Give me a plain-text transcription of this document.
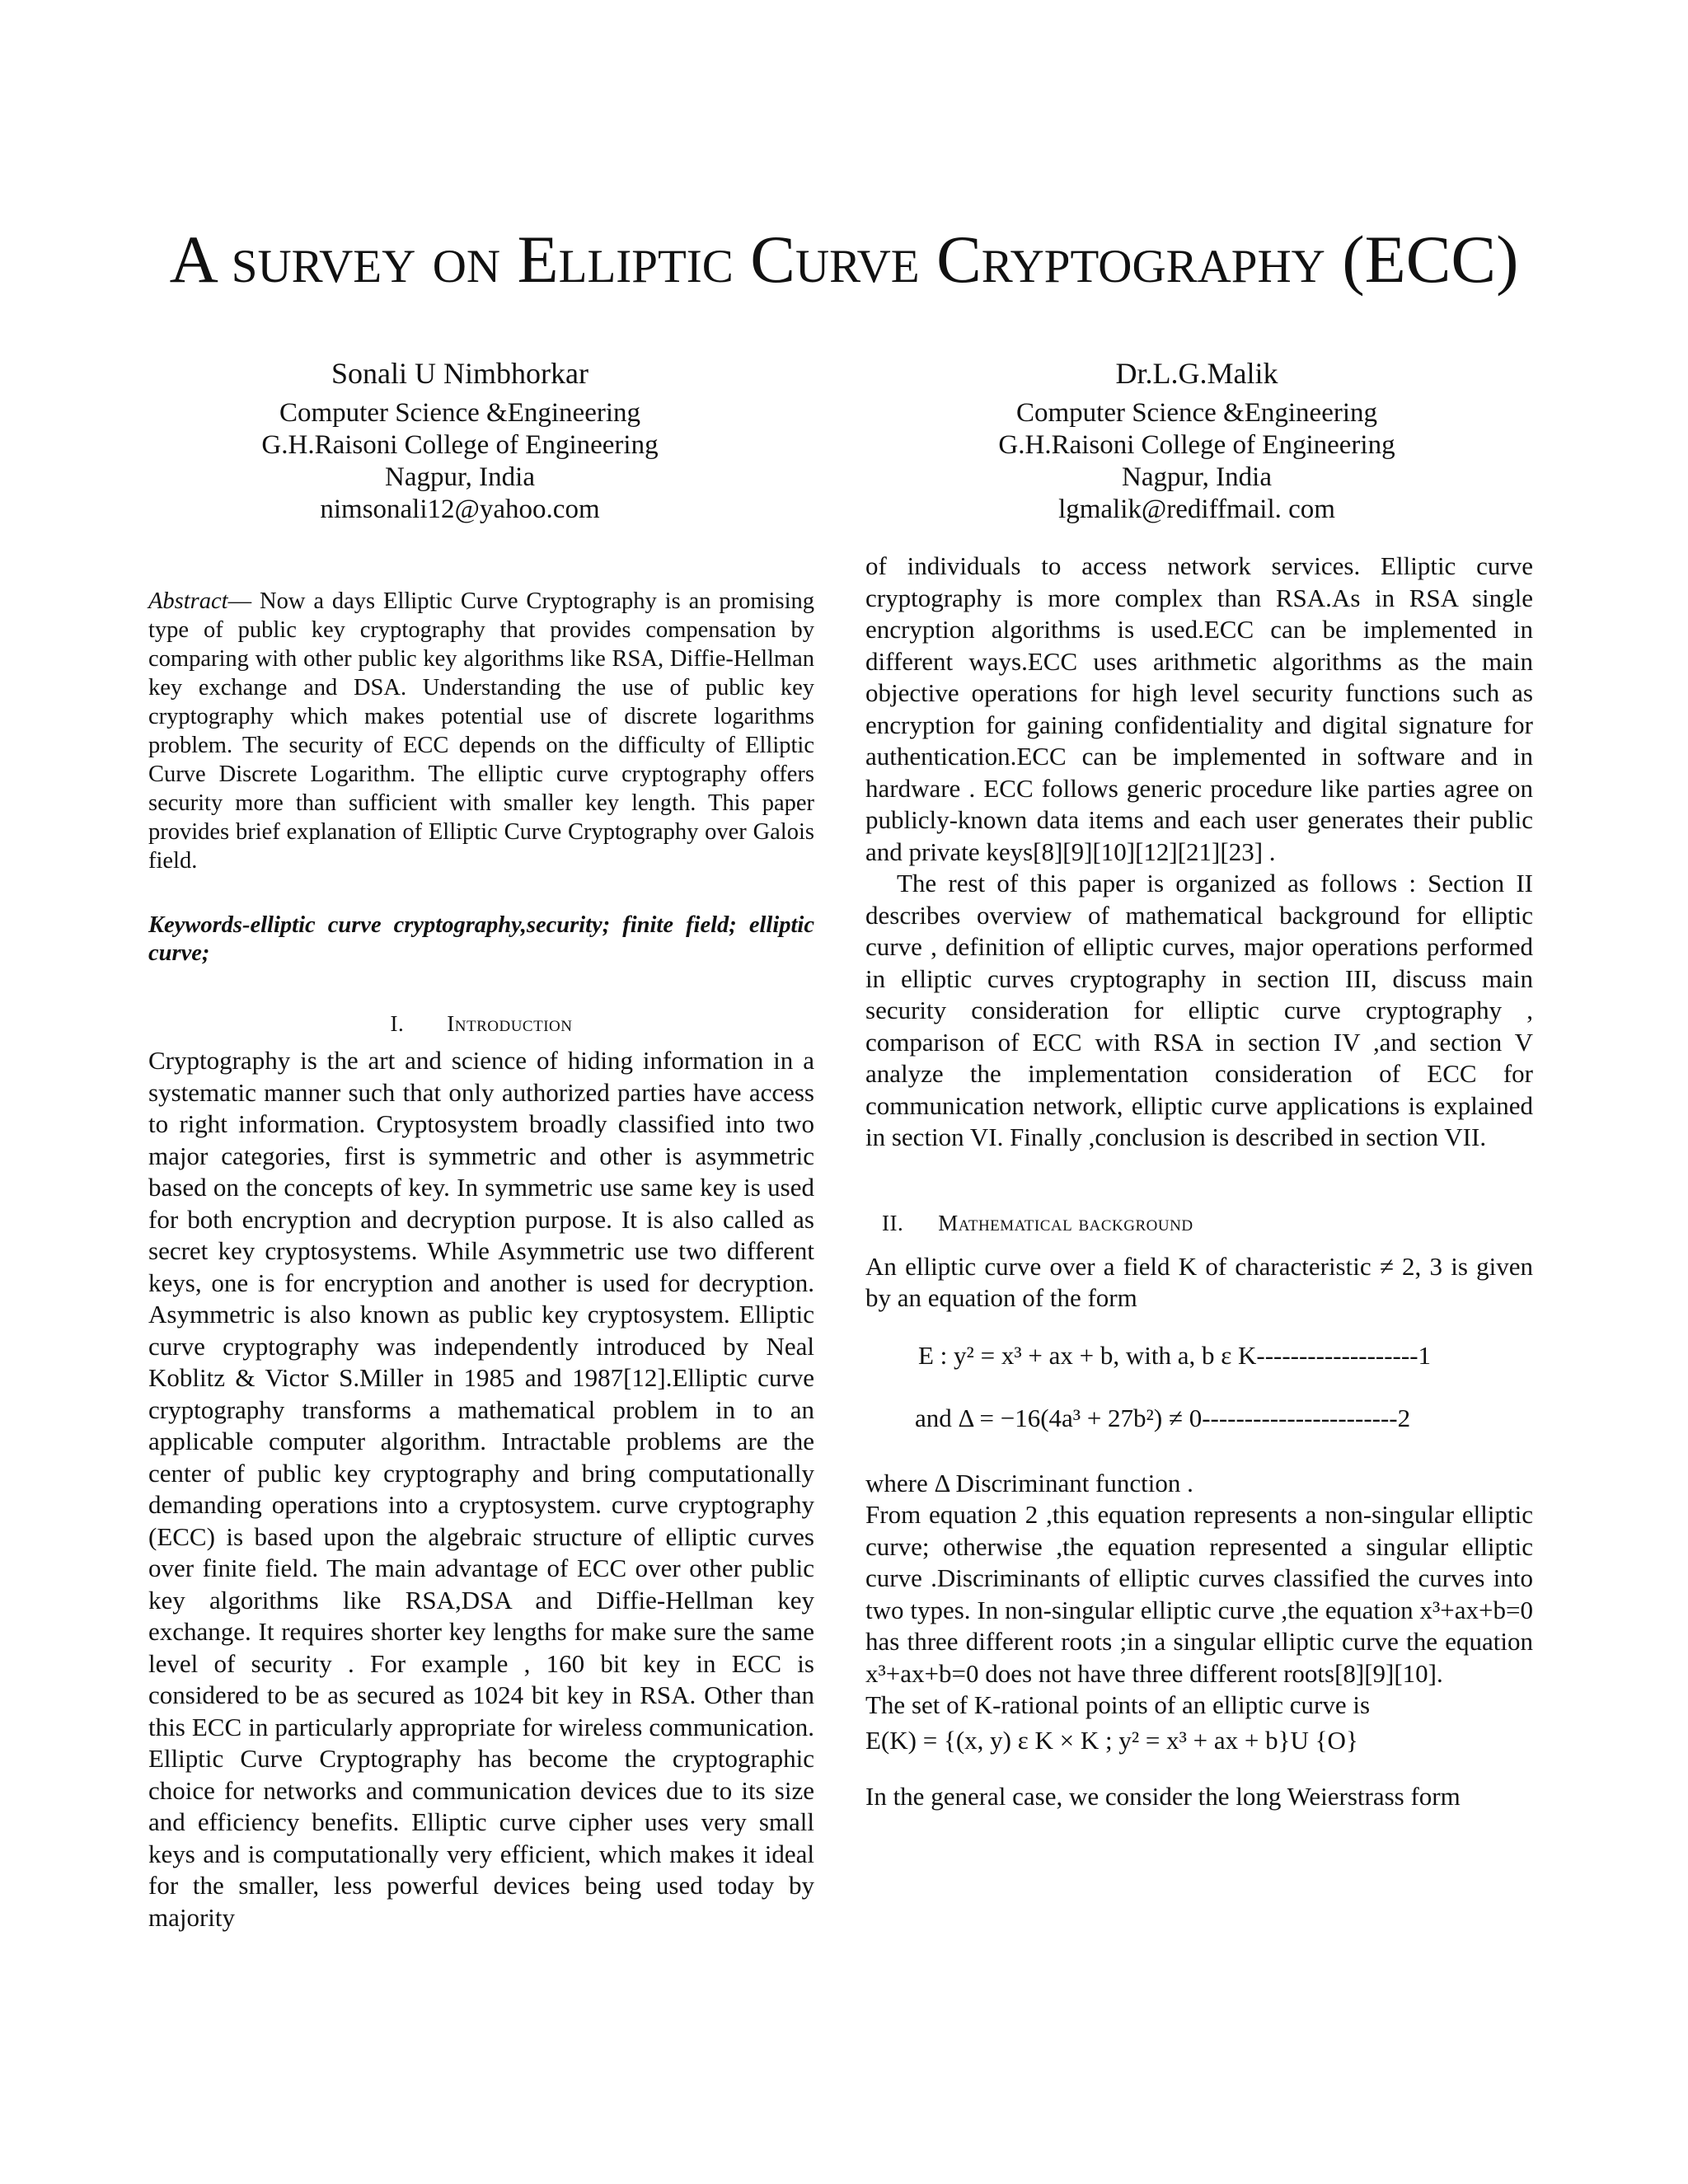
A survey on Elliptic Curve Cryptography (ECC)
Sonali U Nimbhorkar
Computer Science &Engineering
G.H.Raisoni College of Engineering
Nagpur, India
nimsonali12@yahoo.com
Dr.L.G.Malik
Computer Science &Engineering
G.H.Raisoni College of Engineering
Nagpur, India
lgmalik@rediffmail. com

Abstract— Now a days Elliptic Curve Cryptography is an promising type of public key cryptography that provides compensation by comparing with other public key algorithms like RSA, Diffie-Hellman key exchange and DSA. Understanding the use of public key cryptography which makes potential use of discrete logarithms problem. The security of ECC depends on the difficulty of Elliptic Curve Discrete Logarithm. The elliptic curve cryptography offers security more than sufficient with smaller key length. This paper provides brief explanation of Elliptic Curve Cryptography over Galois field.

Keywords-elliptic curve cryptography,security; finite field; elliptic curve;

I. Introduction

Cryptography is the art and science of hiding information in a systematic manner such that only authorized parties have access to right information. Cryptosystem broadly classified into two major categories, first is symmetric and other is asymmetric based on the concepts of key. In symmetric use same key is used for both encryption and decryption purpose. It is also called as secret key cryptosystems. While Asymmetric use two different keys, one is for encryption and another is used for decryption. Asymmetric is also known as public key cryptosystem. Elliptic curve cryptography was independently introduced by Neal Koblitz & Victor S.Miller in 1985 and 1987[12].Elliptic curve cryptography transforms a mathematical problem in to an applicable computer algorithm. Intractable problems are the center of public key cryptography and bring computationally demanding operations into a cryptosystem. curve cryptography (ECC) is based upon the algebraic structure of elliptic curves over finite field. The main advantage of ECC over other public key algorithms like RSA,DSA and Diffie-Hellman key exchange. It requires shorter key lengths for make sure the same level of security . For example , 160 bit key in ECC is considered to be as secured as 1024 bit key in RSA. Other than this ECC in particularly appropriate for wireless communication. Elliptic Curve Cryptography has become the cryptographic choice for networks and communication devices due to its size and efficiency benefits. Elliptic curve cipher uses very small keys and is computationally very efficient, which makes it ideal for the smaller, less powerful devices being used today by majority

of individuals to access network services. Elliptic curve cryptography is more complex than RSA.As in RSA single encryption algorithms is used.ECC can be implemented in different ways.ECC uses arithmetic algorithms as the main objective operations for high level security functions such as encryption for gaining confidentiality and digital signature for authentication.ECC can be implemented in software and in hardware . ECC follows generic procedure like parties agree on publicly-known data items and each user generates their public and private keys[8][9][10][12][21][23] .

The rest of this paper is organized as follows : Section II describes overview of mathematical background for elliptic curve , definition of elliptic curves, major operations performed in elliptic curves cryptography in section III, discuss main security consideration for elliptic curve cryptography , comparison of ECC with RSA in section IV ,and section V analyze the implementation consideration of ECC for communication network, elliptic curve applications is explained in section VI. Finally ,conclusion is described in section VII.

II. Mathematical background

An elliptic curve over a field K of characteristic ≠ 2, 3 is given by an equation of the form

E : y² = x³ + ax + b, with a, b ɛ K-------------------1
and Δ = −16(4a³ + 27b²) ≠ 0-----------------------2

where Δ Discriminant function .

From equation 2 ,this equation represents a non-singular elliptic curve; otherwise ,the equation represented a singular elliptic curve .Discriminants of elliptic curves classified the curves into two types. In non-singular elliptic curve ,the equation x³+ax+b=0 has three different roots ;in a singular elliptic curve the equation x³+ax+b=0 does not have three different roots[8][9][10].

The set of K-rational points of an elliptic curve is

E(K) = {(x, y) ɛ K × K ; y² = x³ + ax + b}U {O}

In the general case, we consider the long Weierstrass form
